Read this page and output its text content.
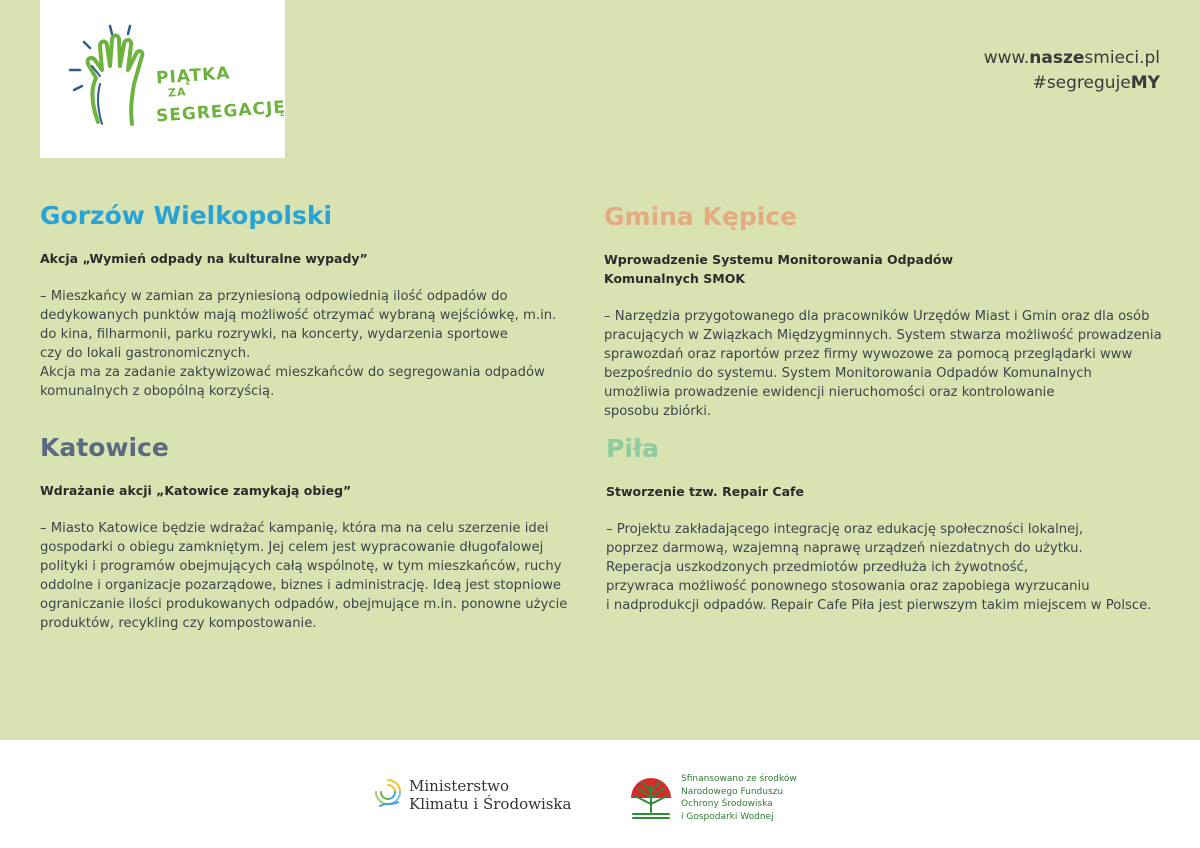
PIĄTKA
ZA
SEGREGACJĘ
www.naszesmieci.pl
#segregujeMY
Gorzów Wielkopolski
Akcja „Wymień odpady na kulturalne wypady”
– Mieszkańcy w zamian za przyniesioną odpowiednią ilość odpadów do
dedykowanych punktów mają możliwość otrzymać wybraną wejściówkę, m.in.
do kina, filharmonii, parku rozrywki, na koncerty, wydarzenia sportowe
czy do lokali gastronomicznych.
Akcja ma za zadanie zaktywizować mieszkańców do segregowania odpadów
komunalnych z obopólną korzyścią.
Gmina Kępice
Wprowadzenie Systemu Monitorowania Odpadów
Komunalnych SMOK
– Narzędzia przygotowanego dla pracowników Urzędów Miast i Gmin oraz dla osób
pracujących w Związkach Międzygminnych. System stwarza możliwość prowadzenia
sprawozdań oraz raportów przez firmy wywozowe za pomocą przeglądarki www
bezpośrednio do systemu. System Monitorowania Odpadów Komunalnych
umożliwia prowadzenie ewidencji nieruchomości oraz kontrolowanie
sposobu zbiórki.
Katowice
Wdrażanie akcji „Katowice zamykają obieg”
– Miasto Katowice będzie wdrażać kampanię, która ma na celu szerzenie idei
gospodarki o obiegu zamkniętym. Jej celem jest wypracowanie długofalowej
polityki i programów obejmujących całą wspólnotę, w tym mieszkańców, ruchy
oddolne i organizacje pozarządowe, biznes i administrację. Ideą jest stopniowe
ograniczanie ilości produkowanych odpadów, obejmujące m.in. ponowne użycie
produktów, recykling czy kompostowanie.
Piła
Stworzenie tzw. Repair Cafe
– Projektu zakładającego integrację oraz edukację społeczności lokalnej,
poprzez darmową, wzajemną naprawę urządzeń niezdatnych do użytku.
Reperacja uszkodzonych przedmiotów przedłuża ich żywotność,
przywraca możliwość ponownego stosowania oraz zapobiega wyrzucaniu
i nadprodukcji odpadów. Repair Cafe Piła jest pierwszym takim miejscem w Polsce.
Ministerstwo
Klimatu i Środowiska
Sfinansowano ze środków
Narodowego Funduszu
Ochrony Środowiska
i Gospodarki Wodnej
